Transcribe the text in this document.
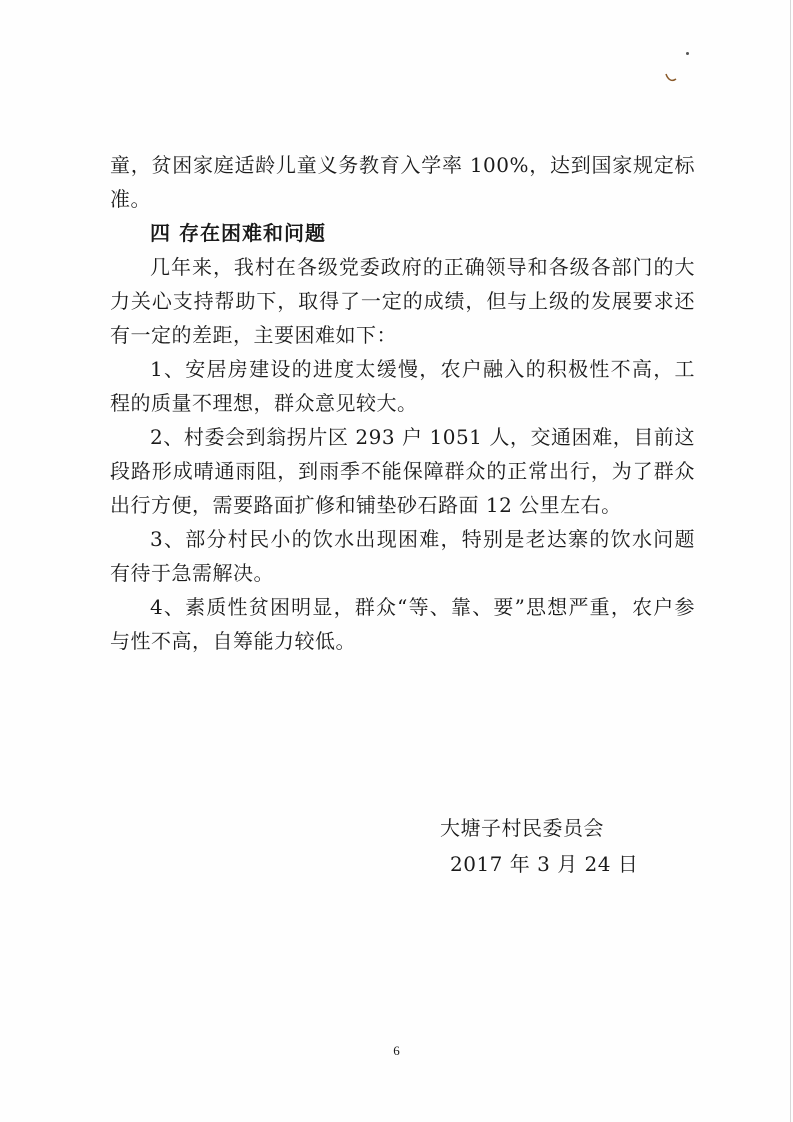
童，贫困家庭适龄儿童义务教育入学率 100%，达到国家规定标准。

四 存在困难和问题

几年来，我村在各级党委政府的正确领导和各级各部门的大力关心支持帮助下，取得了一定的成绩，但与上级的发展要求还有一定的差距，主要困难如下：

1、安居房建设的进度太缓慢，农户融入的积极性不高，工程的质量不理想，群众意见较大。

2、村委会到翁拐片区 293 户 1051 人，交通困难，目前这段路形成晴通雨阻，到雨季不能保障群众的正常出行，为了群众出行方便，需要路面扩修和铺垫砂石路面 12 公里左右。

3、部分村民小的饮水出现困难，特别是老达寨的饮水问题有待于急需解决。

4、素质性贫困明显，群众“等、靠、要”思想严重，农户参与性不高，自筹能力较低。

大塘子村民委员会

2017 年 3 月 24 日

6
